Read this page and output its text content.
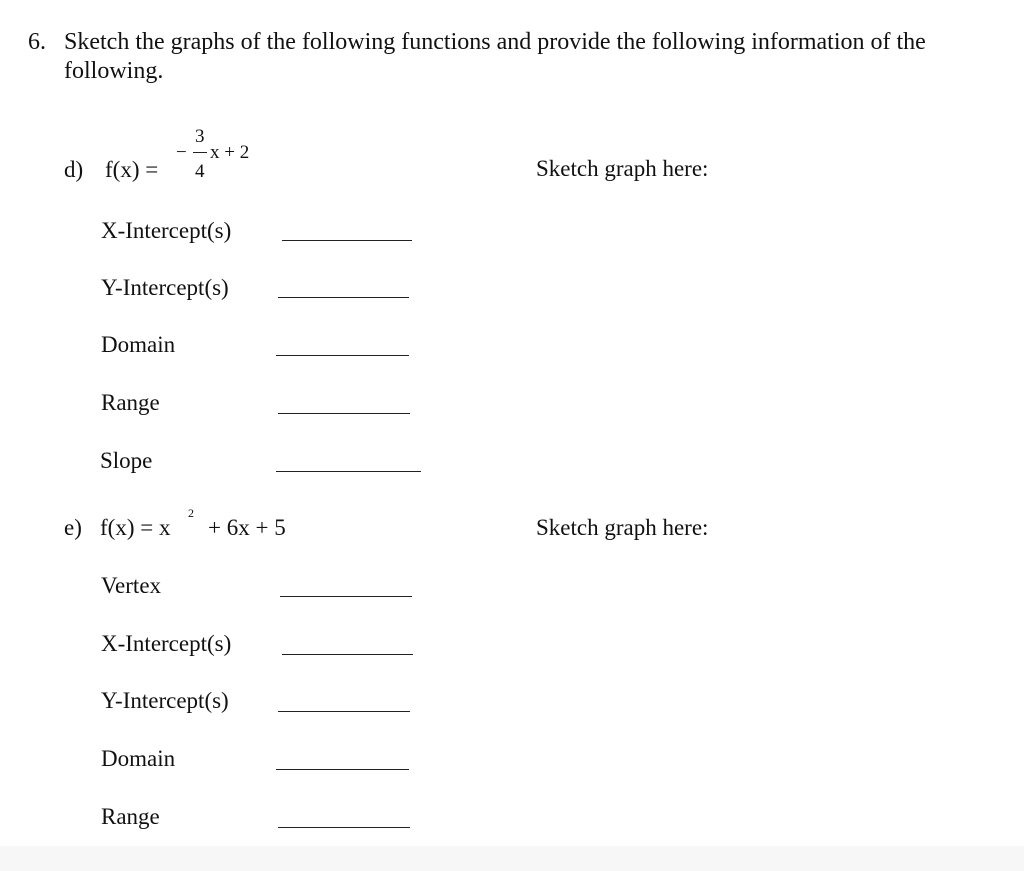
6. Sketch the graphs of the following functions and provide the following information of the
following.
d) f(x) =
−
3
4
x + 2
Sketch graph here:
X-Intercept(s)
Y-Intercept(s)
Domain
Range
Slope
e) f(x) = x
2
+ 6x + 5	Sketch graph here:
Vertex
X-Intercept(s)
Y-Intercept(s)
Domain
Range
